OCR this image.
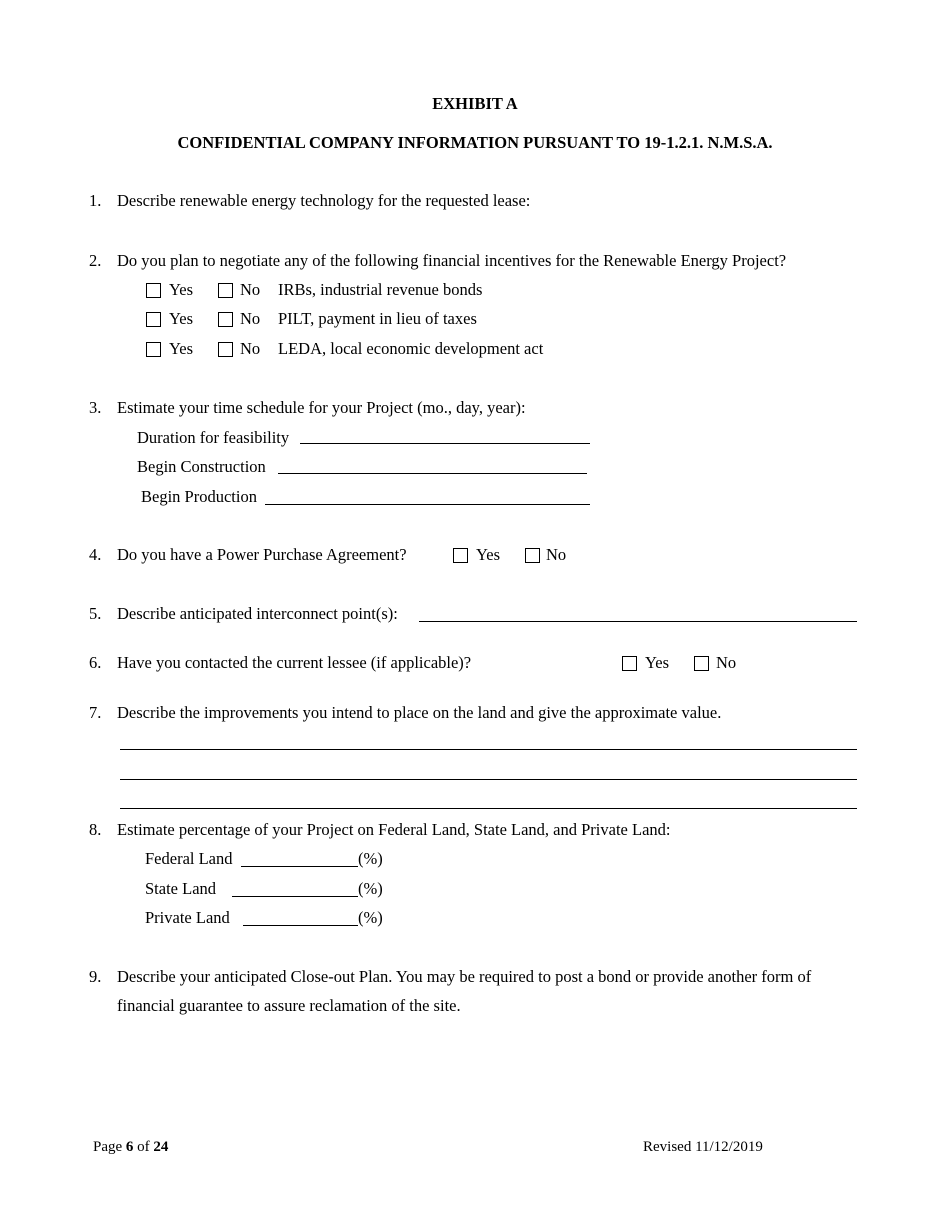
EXHIBIT A
CONFIDENTIAL COMPANY INFORMATION PURSUANT TO 19-1.2.1. N.M.S.A.
1. Describe renewable energy technology for the requested lease:
2. Do you plan to negotiate any of the following financial incentives for the Renewable Energy Project?
Yes	No IRBs, industrial revenue bonds
Yes	No PILT, payment in lieu of taxes
Yes	No LEDA, local economic development act
3. Estimate your time schedule for your Project (mo., day, year):
Duration for feasibility
Begin Construction
Begin Production
4. Do you have a Power Purchase Agreement?	Yes	No
5. Describe anticipated interconnect point(s):
6. Have you contacted the current lessee (if applicable)?	Yes	No
7. Describe the improvements you intend to place on the land and give the approximate value.
8. Estimate percentage of your Project on Federal Land, State Land, and Private Land:
Federal Land	(%)
State Land	(%)
Private Land	(%)
9. Describe your anticipated Close-out Plan. You may be required to post a bond or provide another form of
financial guarantee to assure reclamation of the site.
Page 6 of 24	Revised 11/12/2019
